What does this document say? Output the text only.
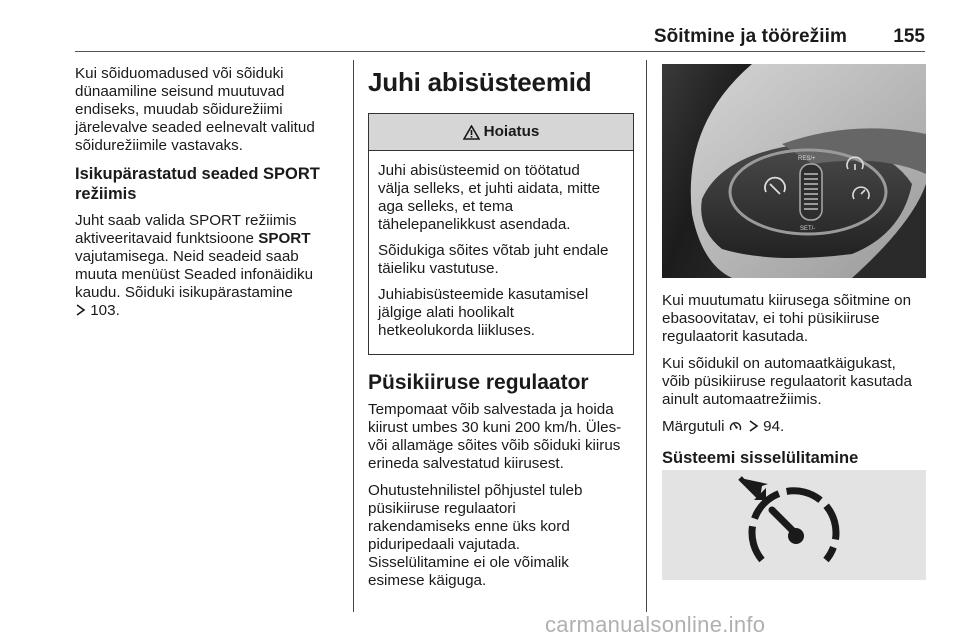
Sõitmine ja töörežiim 155

Kui sõiduomadused või sõiduki
dünaamiline seisund muutuvad
endiseks, muudab sõidurežiimi
järelevalve seaded eelnevalt valitud
sõidurežiimile vastavaks.

Isikupärastatud seaded SPORT
režiimis

Juht saab valida SPORT režiimis
aktiveeritavaid funktsioone SPORT
vajutamisega. Neid seadeid saab
muuta menüüst Seaded infonäidiku
kaudu. Sõiduki isikupärastamine
103.

Juhi abisüsteemid
Hoiatus

Juhi abisüsteemid on töötatud
välja selleks, et juhti aidata, mitte
aga selleks, et tema
tähelepanelikkust asendada.

Sõidukiga sõites võtab juht endale
täieliku vastutuse.

Juhiabisüsteemide kasutamisel
jälgige alati hoolikalt
hetkeolukorda liikluses.

Püsikiiruse regulaator

Tempomaat võib salvestada ja hoida
kiirust umbes 30 kuni 200 km/h. Üles-
või allamäge sõites võib sõiduki kiirus
erineda salvestatud kiirusest.

Ohutustehnilistel põhjustel tuleb
püsikiiruse regulaatori
rakendamiseks enne üks kord
piduripedaali vajutada.
Sisselülitamine ei ole võimalik
esimese käiguga.

RES/+
SET/-

Kui muutumatu kiirusega sõitmine on
ebasoovitatav, ei tohi püsikiiruse
regulaatorit kasutada.

Kui sõidukil on automaatkäigukast,
võib püsikiiruse regulaatorit kasutada
ainult automaatrežiimis.

Märgutuli   94.

Süsteemi sisselülitamine
carmanualsonline.info
